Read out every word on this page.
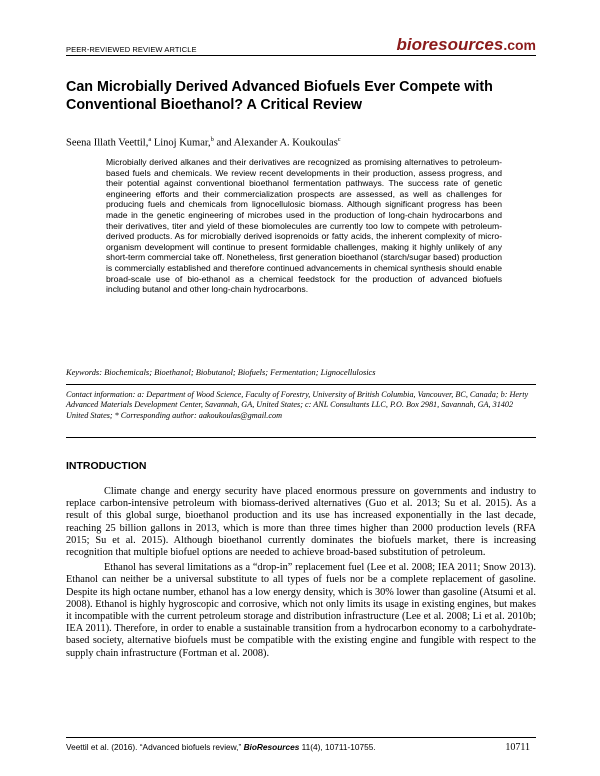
PEER-REVIEWED REVIEW ARTICLE	bioresources.com
Can Microbially Derived Advanced Biofuels Ever Compete with Conventional Bioethanol? A Critical Review
Seena Illath Veettil,$^a$ Linoj Kumar,$^b$ and Alexander A. Koukoulas$^c$
Microbially derived alkanes and their derivatives are recognized as promising alternatives to petroleum-based fuels and chemicals. We review recent developments in their production, assess progress, and their potential against conventional bioethanol fermentation pathways. The success rate of genetic engineering efforts and their commercialization prospects are assessed, as well as challenges for producing fuels and chemicals from lignocellulosic biomass. Although significant progress has been made in the genetic engineering of microbes used in the production of long-chain hydrocarbons and their derivatives, titer and yield of these biomolecules are currently too low to compete with petroleum-derived products. As for microbially derived isoprenoids or fatty acids, the inherent complexity of micro-organism development will continue to present formidable challenges, making it highly unlikely of any short-term commercial take off. Nonetheless, first generation bioethanol (starch/sugar based) production is commercially established and therefore continued advancements in chemical synthesis should enable broad-scale use of bio-ethanol as a chemical feedstock for the production of advanced biofuels including butanol and other long-chain hydrocarbons.
Keywords: Biochemicals; Bioethanol; Biobutanol; Biofuels; Fermentation; Lignocellulosics
Contact information: a: Department of Wood Science, Faculty of Forestry, University of British Columbia, Vancouver, BC, Canada; b: Herty Advanced Materials Development Center, Savannah, GA, United States; c: ANL Consultants LLC, P.O. Box 2981, Savannah, GA, 31402 United States; * Corresponding author: aakoukoulas@gmail.com
INTRODUCTION

Climate change and energy security have placed enormous pressure on governments and industry to replace carbon-intensive petroleum with biomass-derived alternatives (Guo et al. 2013; Su et al. 2015). As a result of this global surge, bioethanol production and its use has increased exponentially in the last decade, reaching 25 billion gallons in 2013, which is more than three times higher than 2000 production levels (RFA 2015; Su et al. 2015). Although bioethanol currently dominates the biofuels market, there is increasing recognition that multiple biofuel options are needed to achieve broad-based substitution of petroleum.

Ethanol has several limitations as a “drop-in” replacement fuel (Lee et al. 2008; IEA 2011; Snow 2013). Ethanol can neither be a universal substitute to all types of fuels nor be a complete replacement of gasoline. Despite its high octane number, ethanol has a low energy density, which is 30% lower than gasoline (Atsumi et al. 2008). Ethanol is highly hygroscopic and corrosive, which not only limits its usage in existing engines, but makes it incompatible with the current petroleum storage and distribution infrastructure (Lee et al. 2008; Li et al. 2010b; IEA 2011). Therefore, in order to enable a sustainable transition from a hydrocarbon economy to a carbohydrate-based society, alternative biofuels must be compatible with the existing engine and fungible with respect to the supply chain infrastructure (Fortman et al. 2008).

Veettil et al. (2016). “Advanced biofuels review,” BioResources 11(4), 10711-10755.	10711
